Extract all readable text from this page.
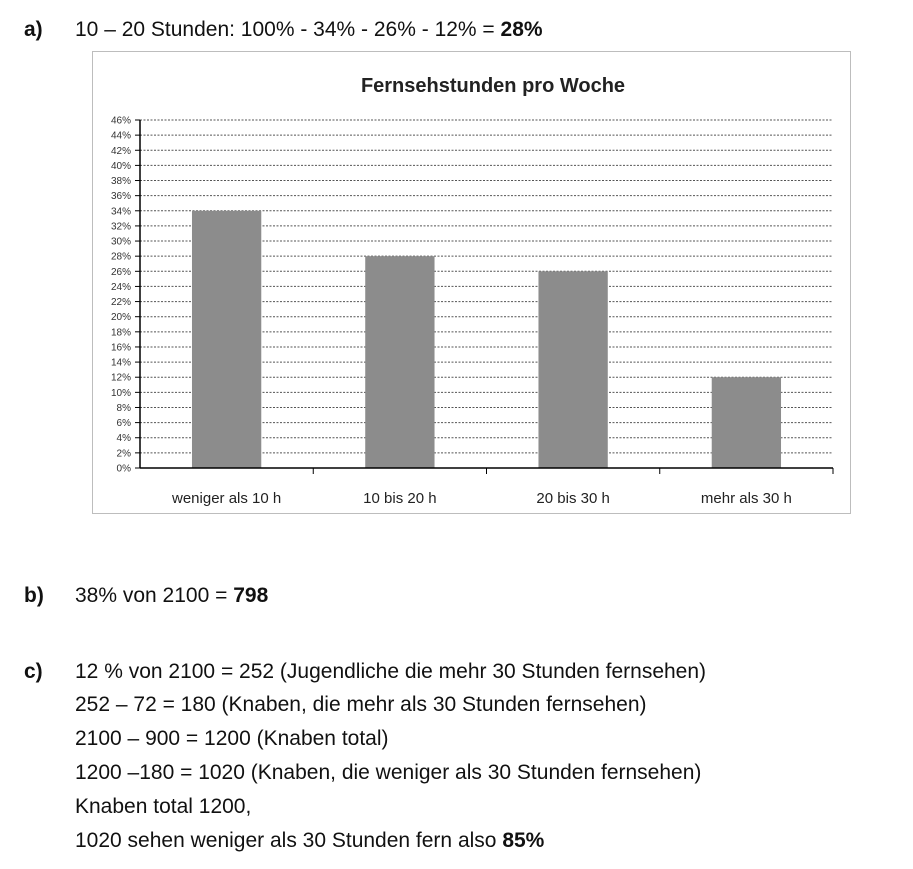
a) 10 – 20 Stunden: 100% - 34% - 26% - 12% = 28%
Fernsehstunden pro Woche
0%
2%
4%
6%
8%
10%
12%
14%
16%
18%
20%
22%
24%
26%
28%
30%
32%
34%
36%
38%
40%
42%
44%
46%
weniger als 10 h	10 bis 20 h	20 bis 30 h	mehr als 30 h
b) 38% von 2100 = 798
c) 12 % von 2100 = 252 (Jugendliche die mehr 30 Stunden fernsehen)
252 – 72 = 180 (Knaben, die mehr als 30 Stunden fernsehen)
2100 – 900 = 1200 (Knaben total)
1200 –180 = 1020 (Knaben, die weniger als 30 Stunden fernsehen)
Knaben total 1200,
1020 sehen weniger als 30 Stunden fern also 85%
